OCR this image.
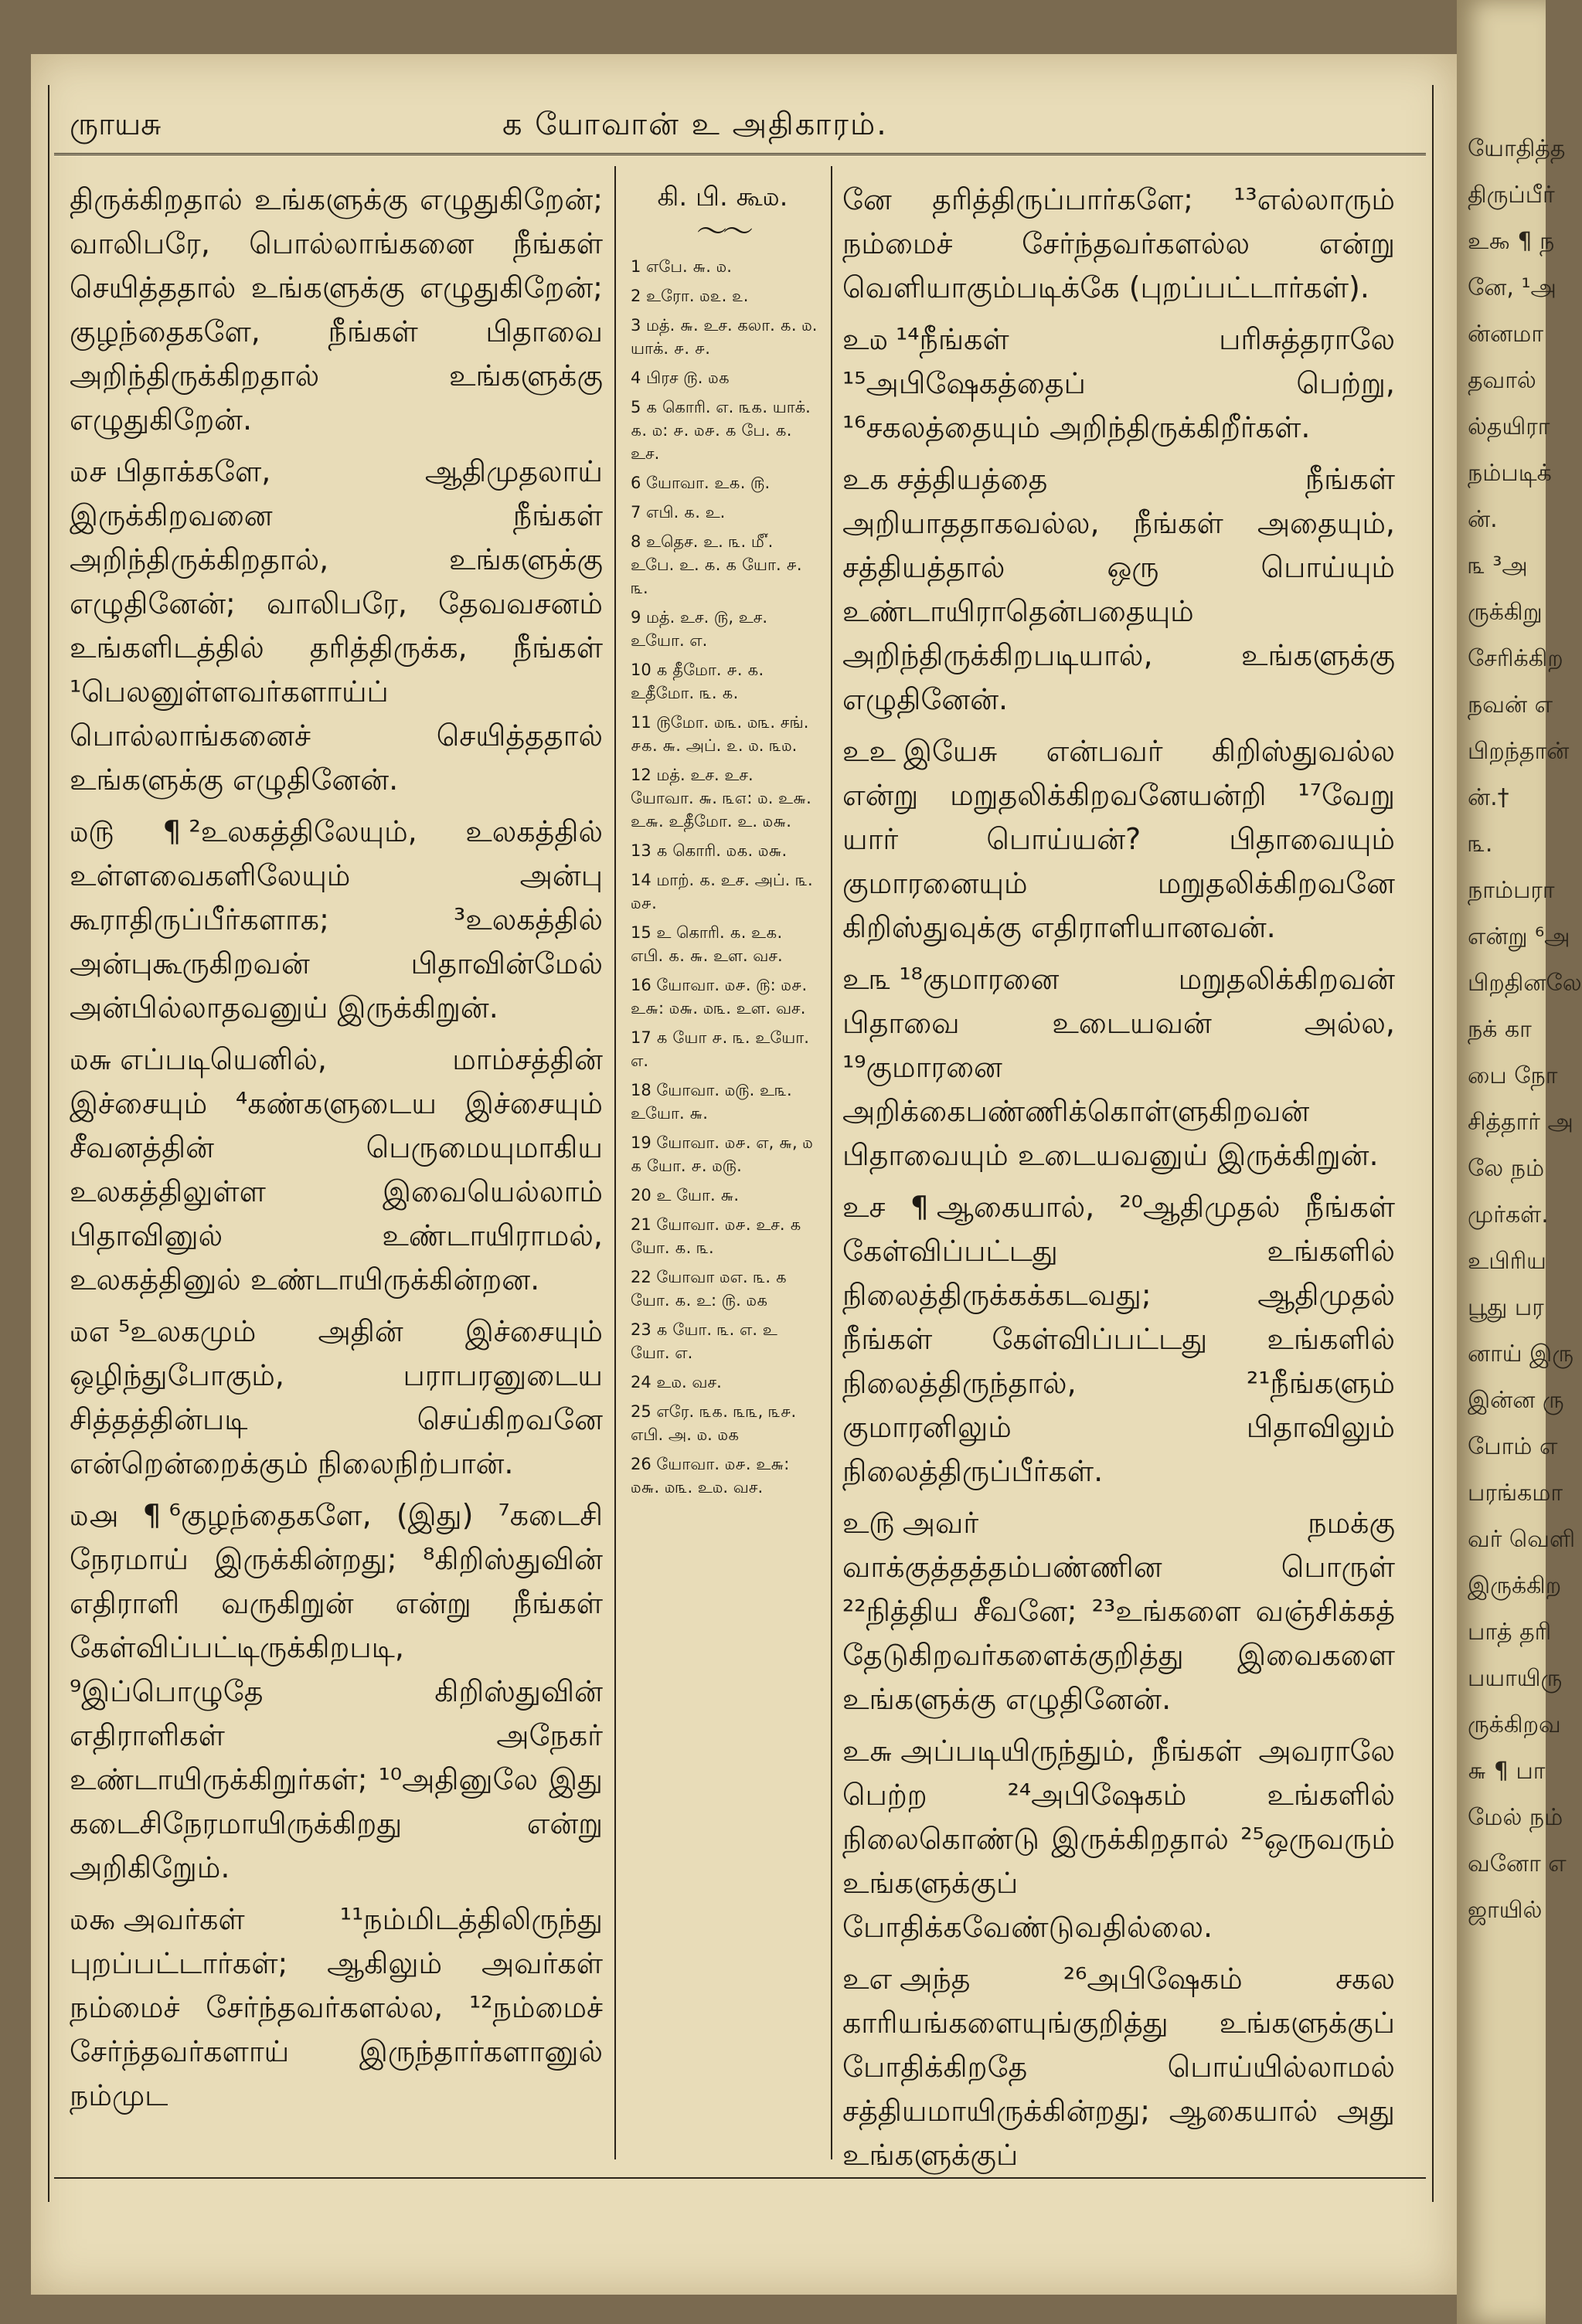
யோதித்த
திருப்பீர்
உ௯ ¶ ந
னே, ¹அ
ன்னமா
தவால்
ல்தயிரா
நம்படிக்
ன்.
௩ ³அ
ருக்கிறு
சேரிக்கிற
நவன் எ
பிறந்தான்
ன்.†
௩.
நாம்பரா
என்று ⁶அ
பிறதினலே
நக் கா
பை நோ
சித்தார் அ
லே நம்
முர்கள்.
உபிரிய
பூது பர
னாய் இரு
இன்ன ரு
போம் எ
பரங்கமா
வர் வெளி
இருக்கிற
பாத் தரி
பயாயிரு
ருக்கிறவ
௬ ¶ பா
மேல் நம்
வனோ எ
ஜாயில்
ருாயசு	க யோவான் உ அதிகாரம்.

திருக்கிறதால் உங்களுக்கு எழுதுகிறேன்; வாலிபரே, பொல்லாங்கனை நீங்கள் செயித்ததால் உங்களுக்கு எழுதுகிறேன்; குழந்தைகளே, நீங்கள் பிதாவை அறிந்திருக்கிறதால் உங்களுக்கு எழுதுகிறேன்.

௰௪ பிதாக்களே, ஆதிமுதலாய் இருக்கிறவனை நீங்கள் அறிந்திருக்கிறதால், உங்களுக்கு எழுதினேன்; வாலிபரே, தேவவசனம் உங்களிடத்தில் தரித்திருக்க, நீங்கள் ¹பெலனுள்ளவர்களாய்ப் பொல்லாங்கனைச் செயித்ததால் உங்களுக்கு எழுதினேன்.

௰௫ ¶ ²உலகத்திலேயும், உலகத்தில் உள்ளவைகளிலேயும் அன்பு கூராதிருப்பீர்களாக; ³உலகத்தில் அன்புகூருகிறவன் பிதாவின்மேல் அன்பில்லாதவனுய் இருக்கிறுன்.

௰௬ எப்படியெனில், மாம்சத்தின் இச்சையும் ⁴கண்களுடைய இச்சையும் சீவனத்தின் பெருமையுமாகிய உலகத்திலுள்ள இவையெல்லாம் பிதாவினுல் உண்டாயிராமல், உலகத்தினுல் உண்டாயிருக்கின்றன.

௰௭ ⁵உலகமும் அதின் இச்சையும் ஒழிந்துபோகும், பராபரனுடைய சித்தத்தின்படி செய்கிறவனே என்றென்றைக்கும் நிலைநிற்பான்.

௰௮ ¶ ⁶குழந்தைகளே, (இது) ⁷கடைசி நேரமாய் இருக்கின்றது; ⁸கிறிஸ்துவின் எதிராளி வருகிறுன் என்று நீங்கள் கேள்விப்பட்டிருக்கிறபடி, ⁹இப்பொழுதே கிறிஸ்துவின் எதிராளிகள் அநேகர் உண்டாயிருக்கிறுர்கள்; ¹⁰அதினுலே இது கடைசிநேரமாயிருக்கிறது என்று அறிகிறேும்.

௰௯ அவர்கள் ¹¹நம்மிடத்திலிருந்து புறப்பட்டார்கள்; ஆகிலும் அவர்கள் நம்மைச் சேர்ந்தவர்களல்ல, ¹²நம்மைச் சேர்ந்தவர்களாய் இருந்தார்களானுல் நம்முட

கி. பி. கூ௰.
〜〜
1 எபே. ௬. ௰.
2 உரோ. ௰௨. ௨.
3 மத். ௬. உச. கலா. ௧. ௰. யாக். ௪. ௪.
4 பிரச ௫. ௰௧
5 ௧ கொரி. எ. ௩௧. யாக். ௧. ௰: ௪. ௰௪. ௧ பே. ௧. உச.
6 யோவா. உ௧. ௫.
7 எபி. ௧. உ.
8 உதெச. உ. ௩. ௴. உபே. உ. ௧. ௧ யோ. ௪. ௩.
9 மத். உச. ௫, உச. உயோ. எ.
10 ௧ தீமோ. ௪. ௧. உதீமோ. ௩. ௧.
11 ௫மோ. ௰௩. ௰௩. சங். ௪௧. ௬. அப். ௨. ௰. ௩௰.
12 மத். உச. உச. யோவா. ௬. ௩௭: ௰. உ௬. உ௬. உதீமோ. உ. ௰௬.
13 ௧ கொரி. ௰௧. ௰௬.
14 மாற். ௧. உச. அப். ௩. ௰௪.
15 உ கொரி. ௧. உ௧. எபி. ௧. ௬. உள. வச.
16 யோவா. ௰௪. ௫: ௰௪. உ௬: ௰௬. ௰௩. உள. வச.
17 ௧ யோ ௪. ௩. உயோ. எ.
18 யோவா. ௰௫. உ௩. உயோ. ௬.
19 யோவா. ௰௪. எ, ௬, ௰ ௧ யோ. ௪. ௰௫.
20 உ யோ. ௬.
21 யோவா. ௰௪. உச. ௧ யோ. ௧. ௩.
22 யோவா ௰எ. ௩. ௧ யோ. ௧. உ: ௫. ௰௧
23 ௧ யோ. ௩. எ. உ யோ. எ.
24 உ௰. வச.
25 எரே. ௩௧. ௩௩, ௩௪. எபி. அ. ௰. ௰௧
26 யோவா. ௰௪. உ௬: ௰௬. ௰௩. உ௰. வச.

னே தரித்திருப்பார்களே; ¹³எல்லாரும் நம்மைச் சேர்ந்தவர்களல்ல என்று வெளியாகும்படிக்கே (புறப்பட்டார்கள்).

உ௰ ¹⁴நீங்கள் பரிசுத்தராலே ¹⁵அபிஷேகத்தைப் பெற்று, ¹⁶சகலத்தையும் அறிந்திருக்கிறீர்கள்.

உ௧ சத்தியத்தை நீங்கள் அறியாததாகவல்ல, நீங்கள் அதையும், சத்தியத்தால் ஒரு பொய்யும் உண்டாயிராதென்பதையும் அறிந்திருக்கிறபடியால், உங்களுக்கு எழுதினேன்.

உஉ இயேசு என்பவர் கிறிஸ்துவல்ல என்று மறுதலிக்கிறவனேயன்றி ¹⁷வேறு யார் பொய்யன்? பிதாவையும் குமாரனையும் மறுதலிக்கிறவனே கிறிஸ்துவுக்கு எதிராளியானவன்.

உ௩ ¹⁸குமாரனை மறுதலிக்கிறவன் பிதாவை உடையவன் அல்ல, ¹⁹குமாரனை அறிக்கைபண்ணிக்கொள்ளுகிறவன் பிதாவையும் உடையவனுய் இருக்கிறுன்.

உச ¶ ஆகையால், ²⁰ஆதிமுதல் நீங்கள் கேள்விப்பட்டது உங்களில் நிலைத்திருக்கக்கடவது; ஆதிமுதல் நீங்கள் கேள்விப்பட்டது உங்களில் நிலைத்திருந்தால், ²¹நீங்களும் குமாரனிலும் பிதாவிலும் நிலைத்திருப்பீர்கள்.

உ௫ அவர் நமக்கு வாக்குத்தத்தம்பண்ணின பொருள் ²²நித்திய சீவனே; ²³உங்களை வஞ்சிக்கத் தேடுகிறவர்களைக்குறித்து இவைகளை உங்களுக்கு எழுதினேன்.

உ௬ அப்படியிருந்தும், நீங்கள் அவராலே பெற்ற ²⁴அபிஷேகம் உங்களில் நிலைகொண்டு இருக்கிறதால் ²⁵ஒருவரும் உங்களுக்குப் போதிக்கவேண்டுவதில்லை.

உஎ அந்த ²⁶அபிஷேகம் சகல காரியங்களையுங்குறித்து உங்களுக்குப் போதிக்கிறதே பொய்யில்லாமல் சத்தியமாயிருக்கின்றது; ஆகையால் அது உங்களுக்குப்
